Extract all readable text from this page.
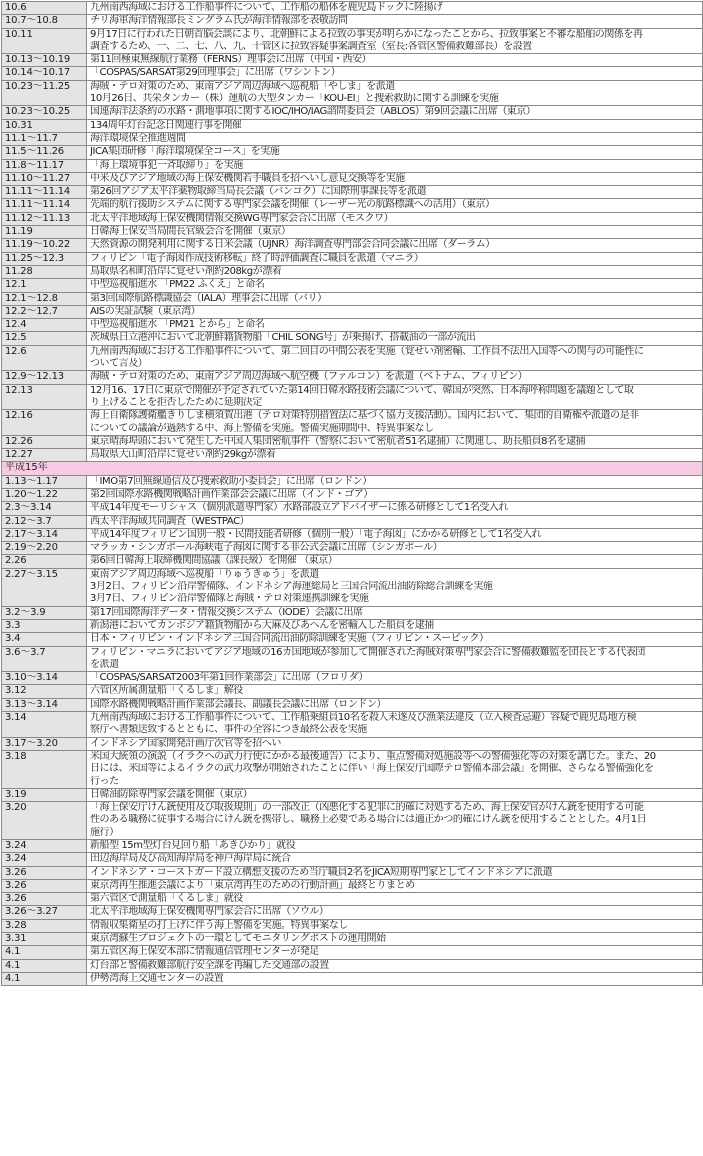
10.6	九州南西海域における工作船事件について、工作船の船体を鹿児島ドックに陸揚げ

10.7～10.8	チリ海軍海洋情報部長ミングラム氏が海洋情報部を表敬訪問

10.11	9月17日に行われた日朝首脳会談により、北朝鮮による拉致の事実が明らかになったことから、拉致事案と不審な船舶の関係を再
調査するため、一、二、七、八、九、十管区に拉致容疑事案調査室（室長:各管区警備救難部長）を設置

10.13～10.19	第11回極東無線航行業務（FERNS）理事会に出席（中国・西安）

10.14～10.17	「COSPAS/SARSAT第29回理事会」に出席（ワシントン）

10.23～11.25	海賊・テロ対策のため、東南アジア周辺海域へ巡視船「やしま」を派遣
10月26日、共栄タンカー（株）運航の大型タンカー「KOU-EI」と捜索救助に関する訓練を実施

10.23～10.25	国連海洋法条約の水路・測地事項に関するIOC/IHO/IAG諮問委員会（ABLOS）第9回会議に出席（東京）

10.31	134周年灯台記念日関連行事を開催

11.1～11.7	海洋環境保全推進週間

11.5～11.26	JICA集団研修「海洋環境保全コース」を実施

11.8～11.17	「海上環境事犯一斉取締り」を実施

11.10～11.27	中米及びアジア地域の海上保安機関若手職員を招へいし意見交換等を実施

11.11～11.14	第26回アジア太平洋薬物取締当局長会議（バンコク）に国際刑事課長等を派遣

11.11～11.14	先端的航行援助システムに関する専門家会議を開催（レーザー光の航路標識への活用）（東京）

11.12～11.13	北太平洋地域海上保安機関情報交換WG専門家会合に出席（モスクワ）

11.19	日韓海上保安当局間長官級会合を開催（東京）

11.19～10.22	天然資源の開発利用に関する日米会議（UJNR）海洋調査専門部会合同会議に出席（ダーラム）

11.25～12.3	フィリピン「電子海図作成技術移転」終了時評価調査に職員を派遣（マニラ）

11.28	鳥取県名和町沿岸に覚せい剤約208kgが漂着

12.1	中型巡視船進水 「PM22 ふくえ」と命名

12.1～12.8	第3回国際航路標識協会（IALA）理事会に出席（バリ）

12.2～12.7	AISの実証試験（東京湾）

12.4	中型巡視船進水 「PM21 とから」と命名

12.5	茨城県日立港沖において北朝鮮籍貨物船「CHIL SONG号」が乗揚げ、搭載油の一部が流出

12.6	九州南西海域における工作船事件について、第二回目の中間公表を実施（覚せい剤密輸、工作員不法出入国等への関与の可能性に
ついて言及）

12.9～12.13	海賊・テロ対策のため、東南アジア周辺海域へ航空機（ファルコン）を派遣（ベトナム、フィリピン）

12.13	12月16、17日に東京で開催が予定されていた第14回日韓水路技術会議について、韓国が突然、日本海呼称問題を議題として取
り上げることを拒否したために延期決定

12.16	海上自衛隊護衛艦きりしま横須賀出港（テロ対策特別措置法に基づく協力支援活動）。国内において、集団的自衛権や派遣の是非
についての議論が過熱する中、海上警備を実施。警備実施期間中、特異事案なし

12.26	東京晴海埠頭において発生した中国人集団密航事件（警察において密航者51名逮捕）に関連し、助長船員8名を逮捕

12.27	鳥取県大山町沿岸に覚せい剤約29kgが漂着

平成15年	
1.13～1.17	「IMO第7回無線通信及び捜索救助小委員会」に出席（ロンドン）

1.20～1.22	第2回国際水路機関戦略計画作業部会会議に出席（インド・ゴア）

2.3～3.14	平成14年度モーリシャス（個別派遣専門家）水路部設立アドバイザーに係る研修として1名受入れ

2.12～3.7	西太平洋海域共同調査（WESTPAC）

2.17～3.14	平成14年度フィリピン国別一般・民間技能者研修（個別一般）「電子海図」にかかる研修として1名受入れ

2.19～2.20	マラッカ・シンガポール海峡電子海図に関する非公式会議に出席（シンガポール）

2.26	第6回日韓海上取締機関間協議（課長級）を開催 （東京）

2.27～3.15	東南アジア周辺海域へ巡視船「りゅうきゅう」を派遣
3月2日、フィリピン沿岸警備隊、インドネシア海運総局と三国合同流出油防除総合訓練を実施
3月7日、フィリピン沿岸警備隊と海賊・テロ対策連携訓練を実施

3.2～3.9	第17回国際海洋データ・情報交換システム（IODE）会議に出席

3.3	新潟港においてカンボジア籍貨物船から大麻及びあへんを密輸入した船員を逮捕

3.4	日本・フィリピン・インドネシア三国合同流出油防除訓練を実施（フィリピン・スービック）

3.6～3.7	フィリピン・マニラにおいてアジア地域の16カ国地域が参加して開催された海賊対策専門家会合に警備救難監を団長とする代表団
を派遣

3.10～3.14	「COSPAS/SARSAT2003年第1回作業部会」に出席（フロリダ）

3.12	六管区所属測量船「くるしま」解役

3.13～3.14	国際水路機関戦略計画作業部会議長、副議長会議に出席（ロンドン）

3.14	九州南西海域における工作船事件について、工作船乗組員10名を殺人未遂及び漁業法違反（立入検査忌避）容疑で鹿児島地方検
察庁へ書類送致するとともに、事件の全容につき最終公表を実施

3.17～3.20	インドネシア国家開発計画庁次官等を招へい

3.18	米国大統領の演説（イラクへの武力行使にかかる最後通告）により、重点警備対処施設等への警備強化等の対策を講じた。また、20
日には、米国等によるイラクの武力攻撃が開始されたことに伴い「海上保安庁国際テロ警備本部会議」を開催、さらなる警備強化を
行った

3.19	日韓油防除専門家会議を開催（東京）

3.20	「海上保安庁けん銃使用及び取扱規則」の一部改正（凶悪化する犯罪に的確に対処するため、海上保安官がけん銃を使用する可能
性のある職務に従事する場合にけん銃を携帯し、職務上必要である場合には適正かつ的確にけん銃を使用することとした。4月1日
施行）

3.24	新船型 15m型灯台見回り船「あきひかり」就役

3.24	田辺海岸局及び高知海岸局を神戸海岸局に統合

3.26	インドネシア・コーストガード設立構想支援のため当庁職員2名をJICA短期専門家としてインドネシアに派遣

3.26	東京湾再生推進会議により「東京湾再生のための行動計画」最終とりまとめ

3.26	第六管区で測量船「くるしま」就役

3.26～3.27	北太平洋地域海上保安機関専門家会合に出席（ソウル）

3.28	情報収集衛星の打上げに伴う海上警備を実施。特異事案なし

3.31	東京湾蘇生プロジェクトの一環としてモニタリングポストの運用開始

4.1	第五管区海上保安本部に情報通信管理センターが発足

4.1	灯台部と警備救難部航行安全課を再編した交通部の設置

4.1	伊勢湾海上交通センターの設置
